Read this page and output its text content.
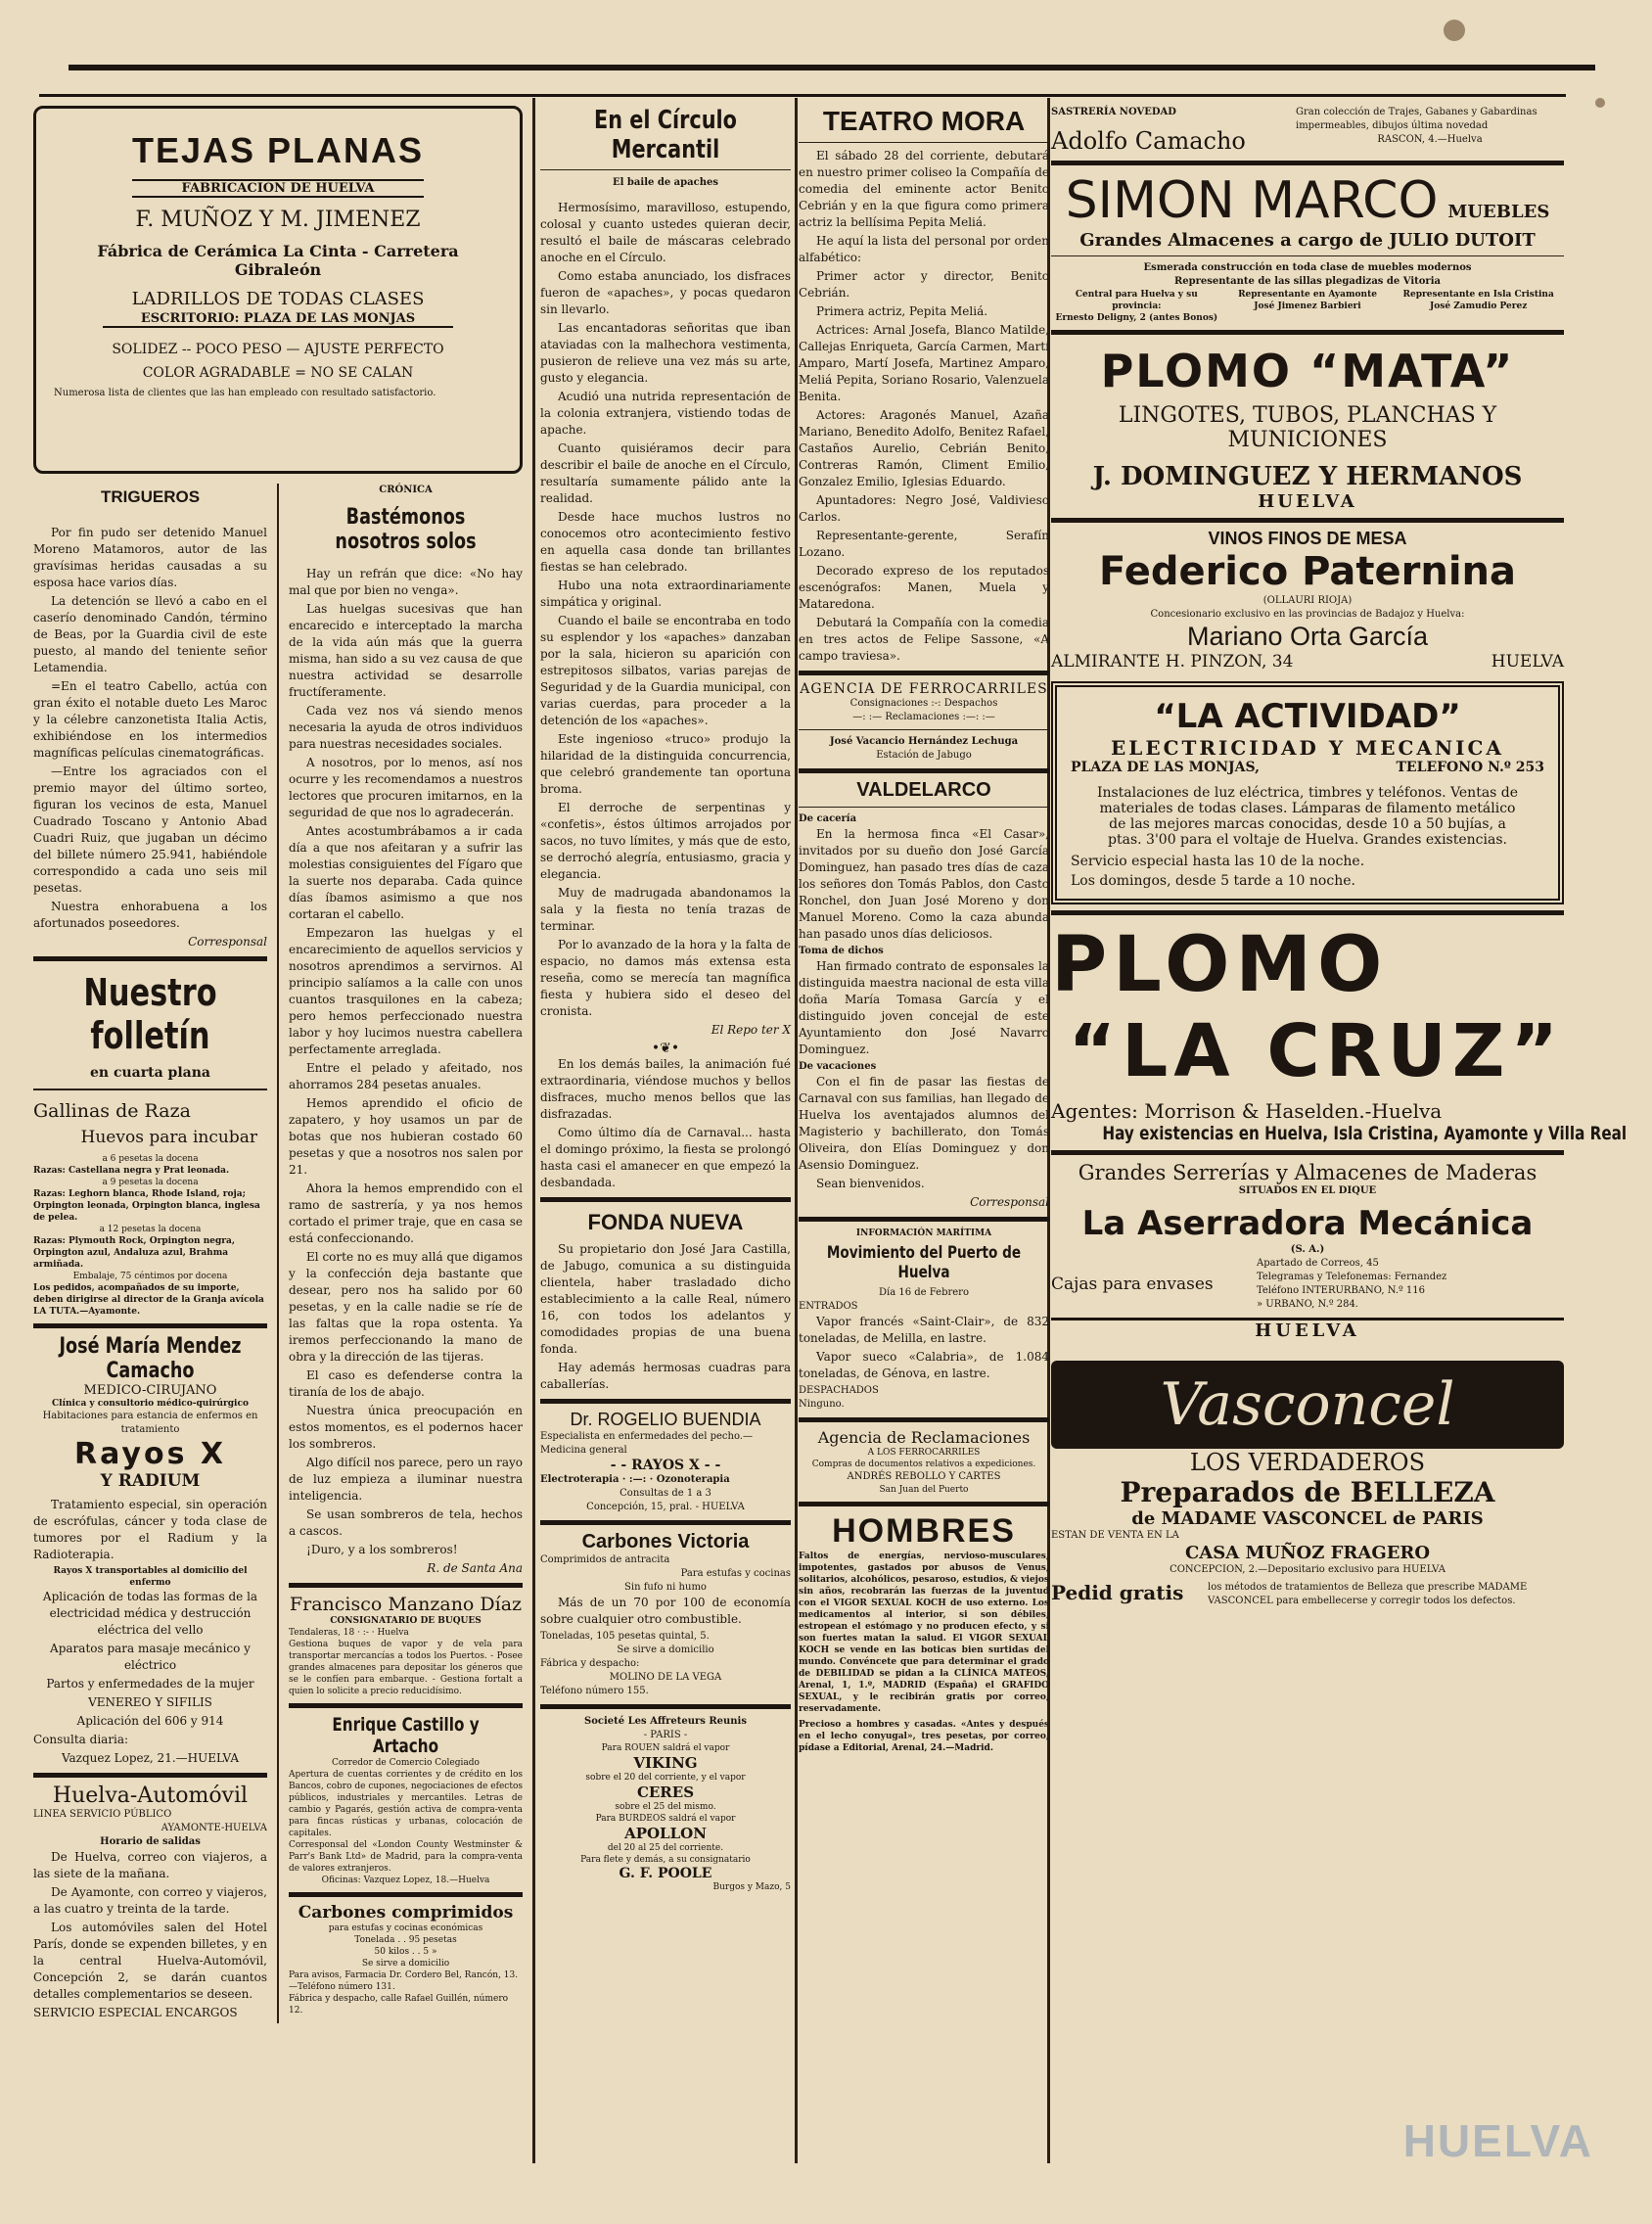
TEJAS PLANAS
FABRICACIÓN DE HUELVA
F. MUÑOZ Y M. JIMENEZ
Fábrica de Cerámica La Cinta - Carretera Gibraleón
LADRILLOS DE TODAS CLASES
ESCRITORIO: PLAZA DE LAS MONJAS
SOLIDEZ -- POCO PESO — AJUSTE PERFECTO
COLOR AGRADABLE = NO SE CALAN
Numerosa lista de clientes que las han empleado con resultado satisfactorio.
TRIGUEROS

Por fin pudo ser detenido Manuel Moreno Matamoros, autor de las gravísimas heridas causadas a su esposa hace varios días.

La detención se llevó a cabo en el caserío denominado Candón, término de Beas, por la Guardia civil de este puesto, al mando del teniente señor Letamendia.

=En el teatro Cabello, actúa con gran éxito el notable dueto Les Maroc y la célebre canzonetista Italia Actis, exhibiéndose en los intermedios magníficas películas cinematográficas.

—Entre los agraciados con el premio mayor del último sorteo, figuran los vecinos de esta, Manuel Cuadrado Toscano y Antonio Abad Cuadri Ruiz, que jugaban un décimo del billete número 25.941, habiéndole correspondido a cada uno seis mil pesetas.

Nuestra enhorabuena a los afortunados poseedores.

Corresponsal

Nuestro folletín
en cuarta plana
Gallinas de Raza
Huevos para incubar
a 6 pesetas la docena
Razas: Castellana negra y Prat leonada.
a 9 pesetas la docena
Razas: Leghorn blanca, Rhode Island, roja; Orpington leonada, Orpington blanca, inglesa de pelea.
a 12 pesetas la docena
Razas: Plymouth Rock, Orpington negra, Orpington azul, Andaluza azul, Brahma armiñada.
Embalaje, 75 céntimos por docena
Los pedidos, acompañados de su importe, deben dirigirse al director de la Granja avícola LA TUTA.—Ayamonte.
José María Mendez Camacho
MEDICO-CIRUJANO
Clínica y consultorio médico-quirúrgico
Habitaciones para estancia de enfermos en tratamiento
Rayos X
Y RADIUM

Tratamiento especial, sin operación de escrófulas, cáncer y toda clase de tumores por el Radium y la Radioterapia.

Rayos X transportables al domicilio del enfermo

Aplicación de todas las formas de la electricidad médica y destrucción eléctrica del vello

Aparatos para masaje mecánico y eléctrico

Partos y enfermedades de la mujer

VENEREO Y SIFILIS

Aplicación del 606 y 914

Consulta diaria:

Vazquez Lopez, 21.—HUELVA

Huelva-Automóvil
LINEA SERVICIO PÚBLICO
AYAMONTE-HUELVA
Horario de salidas

De Huelva, correo con viajeros, a las siete de la mañana.

De Ayamonte, con correo y viajeros, a las cuatro y treinta de la tarde.

Los automóviles salen del Hotel París, donde se expenden billetes, y en la central Huelva-Automóvil, Concepción 2, se darán cuantos detalles complementarios se deseen.

SERVICIO ESPECIAL ENCARGOS

CRÓNICA
Bastémonos nosotros solos

Hay un refrán que dice: «No hay mal que por bien no venga».

Las huelgas sucesivas que han encarecido e interceptado la marcha de la vida aún más que la guerra misma, han sido a su vez causa de que nuestra actividad se desarrolle fructíferamente.

Cada vez nos vá siendo menos necesaria la ayuda de otros individuos para nuestras necesidades sociales.

A nosotros, por lo menos, así nos ocurre y les recomendamos a nuestros lectores que procuren imitarnos, en la seguridad de que nos lo agradecerán.

Antes acostumbrábamos a ir cada día a que nos afeitaran y a sufrir las molestias consiguientes del Fígaro que la suerte nos deparaba. Cada quince días íbamos asimismo a que nos cortaran el cabello.

Empezaron las huelgas y el encarecimiento de aquellos servicios y nosotros aprendimos a servirnos. Al principio salíamos a la calle con unos cuantos trasquilones en la cabeza; pero hemos perfeccionado nuestra labor y hoy lucimos nuestra cabellera perfectamente arreglada.

Entre el pelado y afeitado, nos ahorramos 284 pesetas anuales.

Hemos aprendido el oficio de zapatero, y hoy usamos un par de botas que nos hubieran costado 60 pesetas y que a nosotros nos salen por 21.

Ahora la hemos emprendido con el ramo de sastrería, y ya nos hemos cortado el primer traje, que en casa se está confeccionando.

El corte no es muy allá que digamos y la confección deja bastante que desear, pero nos ha salido por 60 pesetas, y en la calle nadie se ríe de las faltas que la ropa ostenta. Ya iremos perfeccionando la mano de obra y la dirección de las tijeras.

El caso es defenderse contra la tiranía de los de abajo.

Nuestra única preocupación en estos momentos, es el podernos hacer los sombreros.

Algo difícil nos parece, pero un rayo de luz empieza a iluminar nuestra inteligencia.

Se usan sombreros de tela, hechos a cascos.

¡Duro, y a los sombreros!

R. de Santa Ana

Francisco Manzano Díaz
CONSIGNATARIO DE BUQUES
Tendaleras, 18 · :- · Huelva
Gestiona buques de vapor y de vela para transportar mercancías a todos los Puertos. - Posee grandes almacenes para depositar los géneros que se le confíen para embarque. - Gestiona fortalt a quien lo solicite a precio reducidísimo.
Enrique Castillo y Artacho
Corredor de Comercio Colegiado
Apertura de cuentas corrientes y de crédito en los Bancos, cobro de cupones, negociaciones de efectos públicos, industriales y mercantiles. Letras de cambio y Pagarés, gestión activa de compra-venta para fincas rústicas y urbanas, colocación de capitales.
Corresponsal del «London County Westminster & Parr's Bank Ltd» de Madrid, para la compra-venta de valores extranjeros.
Oficinas: Vazquez Lopez, 18.—Huelva
Carbones comprimidos
para estufas y cocinas económicas
Tonelada . . 95 pesetas
50 kilos . . 5 »
Se sirve a domicilio
Para avisos, Farmacia Dr. Cordero Bel, Rancón, 13.—Teléfono número 131.
Fábrica y despacho, calle Rafael Guillén, número 12.
En el Círculo Mercantil
El baile de apaches

Hermosísimo, maravilloso, estupendo, colosal y cuanto ustedes quieran decir, resultó el baile de máscaras celebrado anoche en el Círculo.

Como estaba anunciado, los disfraces fueron de «apaches», y pocas quedaron sin llevarlo.

Las encantadoras señoritas que iban ataviadas con la malhechora vestimenta, pusieron de relieve una vez más su arte, gusto y elegancia.

Acudió una nutrida representación de la colonia extranjera, vistiendo todas de apache.

Cuanto quisiéramos decir para describir el baile de anoche en el Círculo, resultaría sumamente pálido ante la realidad.

Desde hace muchos lustros no conocemos otro acontecimiento festivo en aquella casa donde tan brillantes fiestas se han celebrado.

Hubo una nota extraordinariamente simpática y original.

Cuando el baile se encontraba en todo su esplendor y los «apaches» danzaban por la sala, hicieron su aparición con estrepitosos silbatos, varias parejas de Seguridad y de la Guardia municipal, con varias cuerdas, para proceder a la detención de los «apaches».

Este ingenioso «truco» produjo la hilaridad de la distinguida concurrencia, que celebró grandemente tan oportuna broma.

El derroche de serpentinas y «confetis», éstos últimos arrojados por sacos, no tuvo límites, y más que de esto, se derrochó alegría, entusiasmo, gracia y elegancia.

Muy de madrugada abandonamos la sala y la fiesta no tenía trazas de terminar.

Por lo avanzado de la hora y la falta de espacio, no damos más extensa esta reseña, como se merecía tan magnífica fiesta y hubiera sido el deseo del cronista.

El Repo ter X

•❦•

En los demás bailes, la animación fué extraordinaria, viéndose muchos y bellos disfraces, mucho menos bellos que las disfrazadas.

Como último día de Carnaval... hasta el domingo próximo, la fiesta se prolongó hasta casi el amanecer en que empezó la desbandada.

FONDA NUEVA

Su propietario don José Jara Castilla, de Jabugo, comunica a su distinguida clientela, haber trasladado dicho establecimiento a la calle Real, número 16, con todos los adelantos y comodidades propias de una buena fonda.

Hay además hermosas cuadras para caballerías.

Dr. ROGELIO BUENDIA
Especialista en enfermedades del pecho.—Medicina general
- - RAYOS X - -
Electroterapia · :—: · Ozonoterapia
Consultas de 1 a 3
Concepción, 15, pral. - HUELVA
Carbones Victoria
Comprimidos de antracita
Para estufas y cocinas
Sin fufo ni humo

Más de un 70 por 100 de economía sobre cualquier otro combustible.

Toneladas, 105 pesetas quintal, 5.
Se sirve a domicilio
Fábrica y despacho:
MOLINO DE LA VEGA
Teléfono número 155.
Societé Les Affreteurs Reunis
- PARIS -
Para ROUEN saldrá el vapor
VIKING
sobre el 20 del corriente, y el vapor
CERES
sobre el 25 del mismo.
Para BURDEOS saldrá el vapor
APOLLON
del 20 al 25 del corriente.
Para flete y demás, a su consignatario
G. F. POOLE
Burgos y Mazo, 5
TEATRO MORA

El sábado 28 del corriente, debutará en nuestro primer coliseo la Compañía de comedia del eminente actor Benito Cebrián y en la que figura como primera actriz la bellísima Pepita Meliá.

He aquí la lista del personal por orden alfabético:

Primer actor y director, Benito Cebrián.

Primera actriz, Pepita Meliá.

Actrices: Arnal Josefa, Blanco Matilde, Callejas Enriqueta, García Carmen, Martí Amparo, Martí Josefa, Martinez Amparo, Meliá Pepita, Soriano Rosario, Valenzuela Benita.

Actores: Aragonés Manuel, Azaña Mariano, Benedito Adolfo, Benitez Rafael, Castaños Aurelio, Cebrián Benito, Contreras Ramón, Climent Emilio, Gonzalez Emilio, Iglesias Eduardo.

Apuntadores: Negro José, Valdivieso Carlos.

Representante-gerente, Serafín Lozano.

Decorado expreso de los reputados escenógrafos: Manen, Muela y Mataredona.

Debutará la Compañía con la comedia en tres actos de Felipe Sassone, «A campo traviesa».

AGENCIA DE FERROCARRILES
Consignaciones :-: Despachos
—: :— Reclamaciones :—: :—
José Vacancio Hernández Lechuga
Estación de Jabugo
VALDELARCO
De cacería

En la hermosa finca «El Casar», invitados por su dueño don José García Dominguez, han pasado tres días de caza los señores don Tomás Pablos, don Casto Ronchel, don Juan José Moreno y don Manuel Moreno. Como la caza abunda han pasado unos días deliciosos.

Toma de dichos

Han firmado contrato de esponsales la distinguida maestra nacional de esta villa doña María Tomasa García y el distinguido joven concejal de este Ayuntamiento don José Navarro Dominguez.

De vacaciones

Con el fin de pasar las fiestas de Carnaval con sus familias, han llegado de Huelva los aventajados alumnos del Magisterio y bachillerato, don Tomás Oliveira, don Elías Dominguez y don Asensio Dominguez.

Sean bienvenidos.

Corresponsal

INFORMACIÓN MARÍTIMA
Movimiento del Puerto de Huelva
Día 16 de Febrero
ENTRADOS

Vapor francés «Saint-Clair», de 832 toneladas, de Melilla, en lastre.

Vapor sueco «Calabria», de 1.084 toneladas, de Génova, en lastre.

DESPACHADOS
Ninguno.
Agencia de Reclamaciones
A LOS FERROCARRILES
Compras de documentos relativos a expediciones.
ANDRÉS REBOLLO Y CARTES
San Juan del Puerto
HOMBRES
Faltos de energías, nervioso-musculares, impotentes, gastados por abusos de Venus, solitarios, alcohólicos, pesaroso, estudios, & viejos sin años, recobrarán las fuerzas de la juventud con el VIGOR SEXUAL KOCH de uso externo. Los medicamentos al interior, si son débiles, estropean el estómago y no producen efecto, y si son fuertes matan la salud. El VIGOR SEXUAL KOCH se vende en las boticas bien surtidas del mundo. Convéncete que para determinar el grado de DEBILIDAD se pidan a la CLÍNICA MATEOS, Arenal, 1, 1.º, MADRID (España) el GRAFIDO SEXUAL, y le recibirán gratis por correo, reservadamente.
Precioso a hombres y casadas. «Antes y después en el lecho conyugal», tres pesetas, por correo, pídase a Editorial, Arenal, 24.—Madrid.
SASTRERÍA NOVEDAD
Adolfo Camacho
Gran colección de Trajes, Gabanes y Gabardinas impermeables, dibujos última novedad
RASCON, 4.—Huelva
SIMON MARCO MUEBLES
Grandes Almacenes a cargo de JULIO DUTOIT
Esmerada construcción en toda clase de muebles modernos
Representante de las sillas plegadizas de Vitoria
Central para Huelva y su provincia:
Ernesto Deligny, 2 (antes Bonos)
Representante en Ayamonte
José Jimenez Barbieri
Representante en Isla Cristina
José Zamudio Perez
PLOMO “MATA”
LINGOTES, TUBOS, PLANCHAS Y MUNICIONES
J. DOMINGUEZ Y HERMANOS
HUELVA
VINOS FINOS DE MESA
Federico Paternina
(OLLAURI RIOJA)
Concesionario exclusivo en las provincias de Badajoz y Huelva:
Mariano Orta García
ALMIRANTE H. PINZON, 34	HUELVA
“LA ACTIVIDAD”
ELECTRICIDAD Y MECANICA
PLAZA DE LAS MONJAS,	TELEFONO N.º 253
Instalaciones de luz eléctrica, timbres y teléfonos. Ventas de materiales de todas clases. Lámparas de filamento metálico de las mejores marcas conocidas, desde 10 a 50 bujías, a ptas. 3'00 para el voltaje de Huelva. Grandes existencias.
Servicio especial hasta las 10 de la noche.
Los domingos, desde 5 tarde a 10 noche.
PLOMO
“LA CRUZ”
Agentes: Morrison & Haselden.-Huelva
Hay existencias en Huelva, Isla Cristina, Ayamonte y Villa Real
Grandes Serrerías y Almacenes de Maderas
SITUADOS EN EL DIQUE
La Aserradora Mecánica
(S. A.)
Cajas para envases
Apartado de Correos, 45
Telegramas y Telefonemas: Fernandez
Teléfono INTERURBANO, N.º 116
» URBANO, N.º 284.
HUELVA
Vasconcel
LOS VERDADEROS
Preparados de BELLEZA
de MADAME VASCONCEL de PARIS
ESTAN DE VENTA EN LA
CASA MUÑOZ FRAGERO
CONCEPCION, 2.—Depositario exclusivo para HUELVA
Pedid gratis	los métodos de tratamientos de Belleza que prescribe MADAME VASCONCEL para embellecerse y corregir todos los defectos.
HUELVA
